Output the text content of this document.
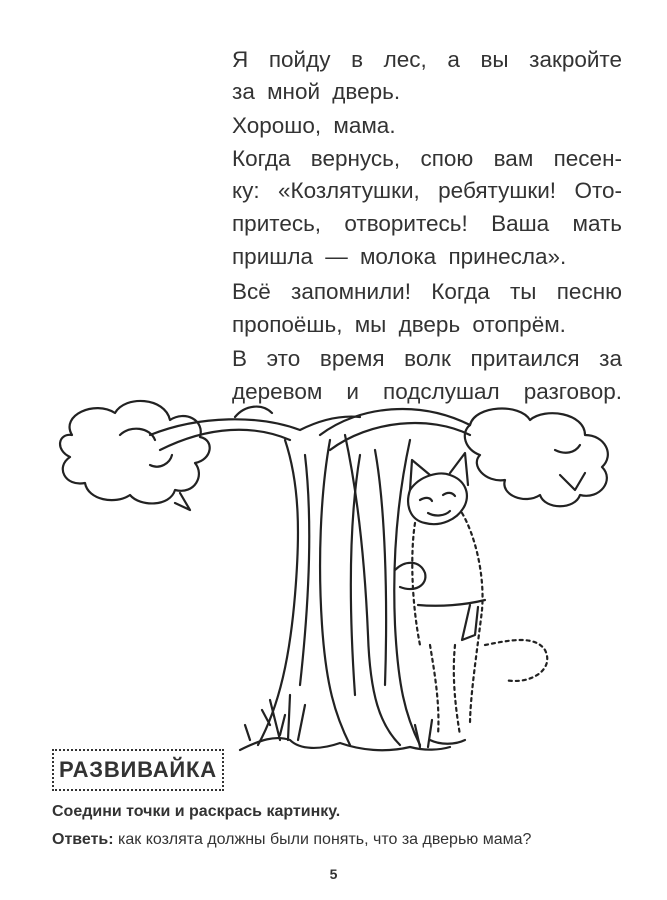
Я пойду в лес, а вы закройте
за мной дверь.
Хорошо, мама.
Когда вернусь, спою вам песен-
ку: «Козлятушки, ребятушки! Ото-
притесь, отворитесь! Ваша мать
пришла — молока принесла».
Всё запомнили! Когда ты песню
пропоёшь, мы дверь отопрём.
В это время волк притаился за
деревом и подслушал разговор.
РАЗВИВАЙКА
Соедини точки и раскрась картинку.
Ответь: как козлята должны были понять, что за дверью мама?
5
